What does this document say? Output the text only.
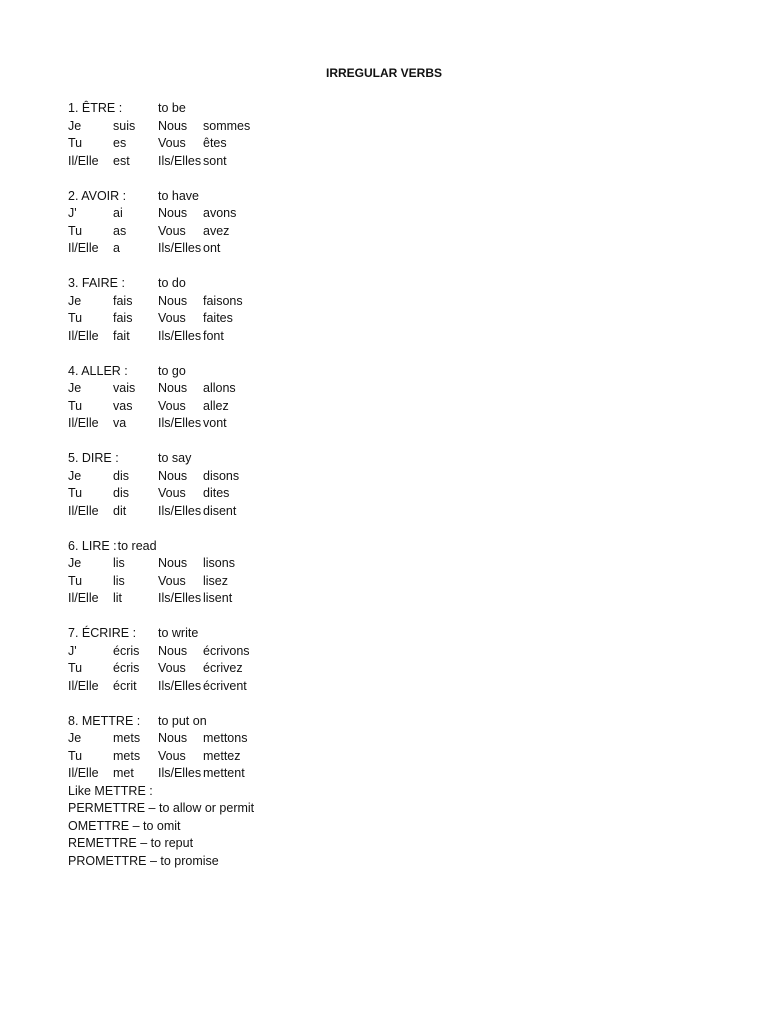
IRREGULAR VERBS
1. ÊTRE :	to be
Je	suis Nous sommes
Tu es	Vous êtes
Il/Elle est Ils/Elles sont
2. AVOIR :	to have
J'	ai	Nous avons
Tu as	Vous avez
Il/Elle a	Ils/Elles ont
3. FAIRE :	to do
Je	fais Nous faisons
Tu fais Vous faites
Il/Elle fait Ils/Elles font
4. ALLER : to go
Je	vais Nous allons
Tu vas Vous allez
Il/Elle va	Ils/Elles vont
5. DIRE :	to say
Je	dis Nous disons
Tu dis Vous dites
Il/Elle dit	Ils/Elles disent
6. LIRE :to read
Je	lis	Nous lisons
Tu lis	Vous lisez
Il/Elle lit	Ils/Elles lisent
7. ÉCRIRE : to write
J'	écris Nous écrivons
Tu écris Vous écrivez
Il/Elle écrit Ils/Elles écrivent
8. METTRE : to put on
Je	mets Nous mettons
Tu mets Vous mettez
Il/Elle met Ils/Elles mettent
Like METTRE :
PERMETTRE – to allow or permit
OMETTRE – to omit
REMETTRE – to reput
PROMETTRE – to promise
